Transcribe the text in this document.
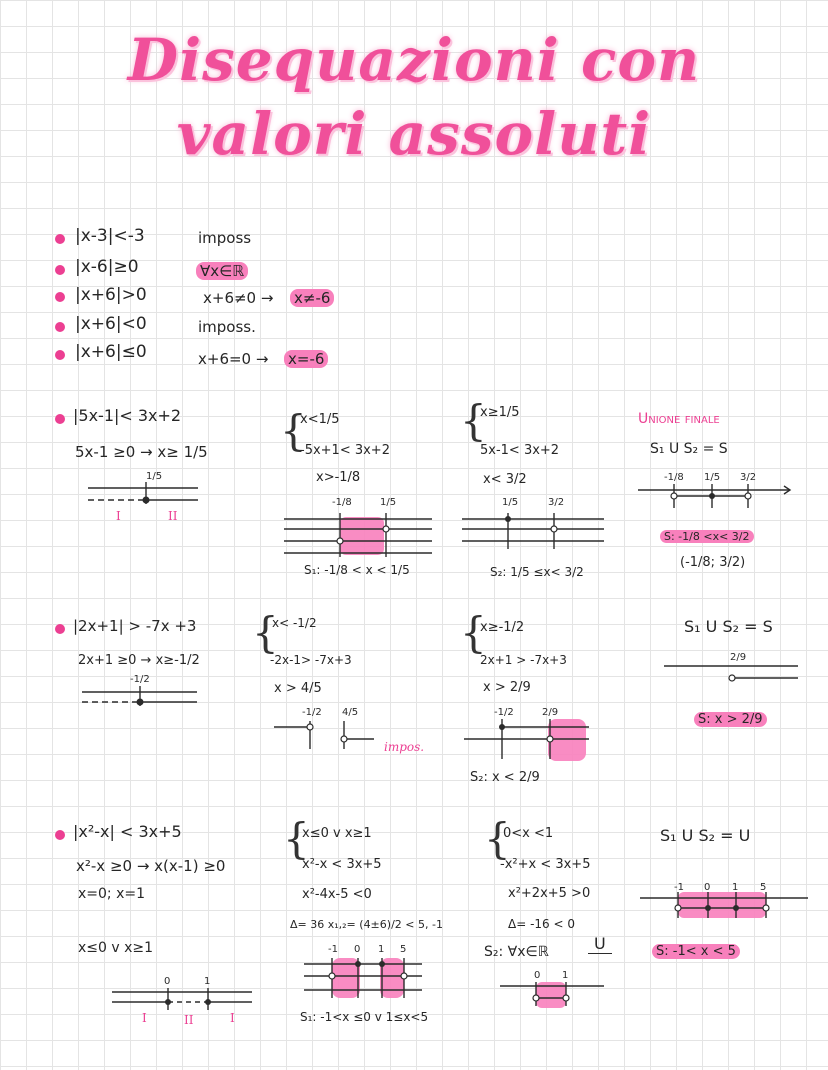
Disequazioni con
valori assoluti
|x-3|<-3	imposs
|x-6|≥0	∀x∈ℝ
|x+6|>0	x+6≠0 → x≠-6
|x+6|<0	imposs.
|x+6|≤0	x+6=0 → x=-6
|5x-1|< 3x+2
5x-1 ≥0 → x≥ 1/5
1/5
I	II
{
x<1/5
-5x+1< 3x+2
x>-1/8
-1/8	1/5
S₁: -1/8 < x < 1/5
{
x≥1/5
5x-1< 3x+2
x< 3/2
1/5	3/2
S₂: 1/5 ≤x< 3/2
Unione finale
S₁ U S₂ = S
-1/8 1/5 3/2
S: -1/8 <x< 3/2
(-1/8; 3/2)
|2x+1| > -7x +3
2x+1 ≥0 → x≥-1/2
-1/2
{
x< -1/2
-2x-1> -7x+3
x > 4/5
-1/2 4/5
impos.
{
x≥-1/2
2x+1 > -7x+3
x > 2/9
-1/2	2/9
S₂: x < 2/9
S₁ U S₂ = S
2/9
S: x > 2/9
|x²-x| < 3x+5
x²-x ≥0 → x(x-1) ≥0
x=0; x=1
x≤0 v x≥1
0	1
I	II	I
{
x≤0 v x≥1
x²-x < 3x+5
x²-4x-5 <0
Δ= 36 x₁,₂= (4±6)/2 < 5, -1
-1 0 1 5
S₁: -1<x ≤0 v 1≤x<5
{
0<x <1
-x²+x < 3x+5
x²+2x+5 >0
Δ= -16 < 0
S₂: ∀x∈ℝ	U
0 1
S₁ U S₂ = U
-1 0 1 5
S: -1< x < 5
